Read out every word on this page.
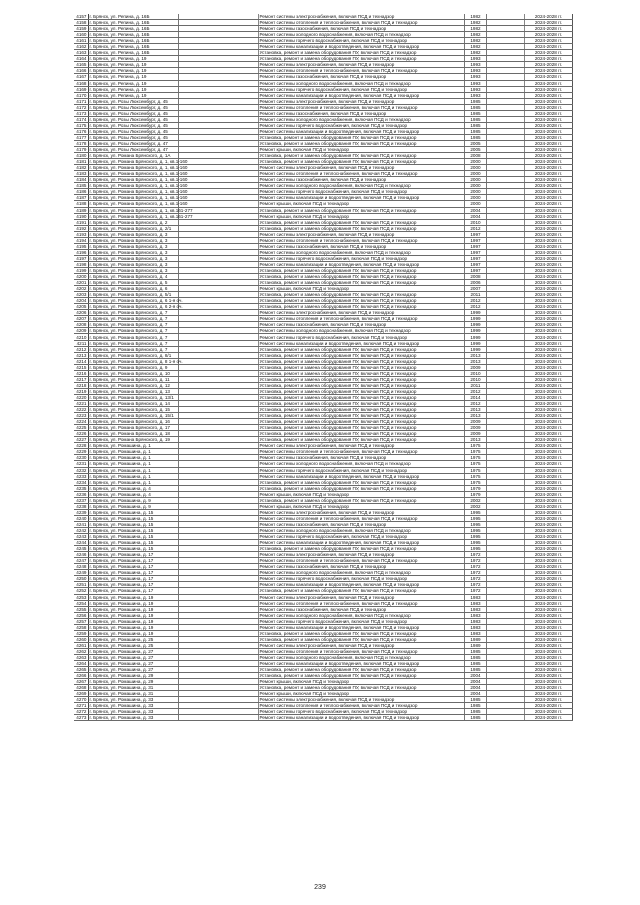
4157	г. Брянск, ул. Репина, д. 16Б		Ремонт системы электроснабжения, включая ПСД и технадзор	1982		2024-2028 гг.
4158	г. Брянск, ул. Репина, д. 16Б		Ремонт системы отопления и теплоснабжения, включая ПСД и технадзор	1982		2024-2028 гг.
4159	г. Брянск, ул. Репина, д. 16Б		Ремонт системы газоснабжения, включая ПСД и технадзор	1982		2024-2028 гг.
4160	г. Брянск, ул. Репина, д. 16Б		Ремонт системы холодного водоснабжения, включая ПСД и технадзор	1982		2024-2028 гг.
4161	г. Брянск, ул. Репина, д. 16Б		Ремонт системы горячего водоснабжения, включая ПСД и технадзор	1982		2024-2028 гг.
4162	г. Брянск, ул. Репина, д. 16Б		Ремонт системы канализации и водоотведения, включая ПСД и технадзор	1982		2024-2028 гг.
4163	г. Брянск, ул. Репина, д. 16Б		Установка, ремонт и замена оборудования ПУ, включая ПСД и технадзор	1982		2024-2028 гг.
4164	г. Брянск, ул. Репина, д. 19		Установка, ремонт и замена оборудования ПУ, включая ПСД и технадзор	1993		2024-2028 гг.
4165	г. Брянск, ул. Репина, д. 19		Ремонт системы электроснабжения, включая ПСД и технадзор	1993		2024-2028 гг.
4166	г. Брянск, ул. Репина, д. 19		Ремонт системы отопления и теплоснабжения, включая ПСД и технадзор	1993		2024-2028 гг.
4167	г. Брянск, ул. Репина, д. 19		Ремонт системы газоснабжения, включая ПСД и технадзор	1993		2024-2028 гг.
4168	г. Брянск, ул. Репина, д. 19		Ремонт системы холодного водоснабжения, включая ПСД и технадзор	1993		2024-2028 гг.
4169	г. Брянск, ул. Репина, д. 19		Ремонт системы горячего водоснабжения, включая ПСД и технадзор	1993		2024-2028 гг.
4170	г. Брянск, ул. Репина, д. 19		Ремонт системы канализации и водоотведения, включая ПСД и технадзор	1993		2024-2028 гг.
4171	г. Брянск, ул. Розы Люксембург, д. 45		Ремонт системы электроснабжения, включая ПСД и технадзор	1985		2024-2028 гг.
4172	г. Брянск, ул. Розы Люксембург, д. 45		Ремонт системы отопления и теплоснабжения, включая ПСД и технадзор	1985		2024-2028 гг.
4173	г. Брянск, ул. Розы Люксембург, д. 45		Ремонт системы газоснабжения, включая ПСД и технадзор	1985		2024-2028 гг.
4174	г. Брянск, ул. Розы Люксембург, д. 45		Ремонт системы холодного водоснабжения, включая ПСД и технадзор	1985		2024-2028 гг.
4175	г. Брянск, ул. Розы Люксембург, д. 45		Ремонт системы горячего водоснабжения, включая ПСД и технадзор	1985		2024-2028 гг.
4176	г. Брянск, ул. Розы Люксембург, д. 45		Ремонт системы канализации и водоотведения, включая ПСД и технадзор	1985		2024-2028 гг.
4177	г. Брянск, ул. Розы Люксембург, д. 45		Установка, ремонт и замена оборудования ПУ, включая ПСД и технадзор	1985		2024-2028 гг.
4178	г. Брянск, ул. Розы Люксембург, д. 47		Установка, ремонт и замена оборудования ПУ, включая ПСД и технадзор	2005		2024-2028 гг.
4179	г. Брянск, ул. Розы Люксембург, д. 47		Ремонт крыши, включая ПСД и технадзор	2005		2024-2028 гг.
4180	г. Брянск, ул. Романа Брянского, д. 1А		Установка, ремонт и замена оборудования ПУ, включая ПСД и технадзор	2008		2024-2028 гг.
4181	г. Брянск, ул. Романа Брянского, д. 1, кв.1-160		Установка, ремонт и замена оборудования ПУ, включая ПСД и технадзор	2000		2024-2028 гг.
4182	г. Брянск, ул. Романа Брянского, д. 1, кв.1-160		Ремонт системы электроснабжения, включая ПСД и технадзор	2000		2024-2028 гг.
4183	г. Брянск, ул. Романа Брянского, д. 1, кв.1-160		Ремонт системы отопления и теплоснабжения, включая ПСД и технадзор	2000		2024-2028 гг.
4184	г. Брянск, ул. Романа Брянского, д. 1, кв.1-160		Ремонт системы газоснабжения, включая ПСД и технадзор	2000		2024-2028 гг.
4185	г. Брянск, ул. Романа Брянского, д. 1, кв.1-160		Ремонт системы холодного водоснабжения, включая ПСД и технадзор	2000		2024-2028 гг.
4186	г. Брянск, ул. Романа Брянского, д. 1, кв.1-160		Ремонт системы горячего водоснабжения, включая ПСД и технадзор	2000		2024-2028 гг.
4187	г. Брянск, ул. Романа Брянского, д. 1, кв.1-160		Ремонт системы канализации и водоотведения, включая ПСД и технадзор	2000		2024-2028 гг.
4188	г. Брянск, ул. Романа Брянского, д. 1, кв.1-160		Ремонт крыши, включая ПСД и технадзор	2000		2024-2028 гг.
4189	г. Брянск, ул. Романа Брянского, д. 1, кв.161-277		Установка, ремонт и замена оборудования ПУ, включая ПСД и технадзор	2004		2024-2028 гг.
4190	г. Брянск, ул. Романа Брянского, д. 1, кв.161-277		Ремонт крыши, включая ПСД и технадзор	2004		2024-2028 гг.
4191	г. Брянск, ул. Романа Брянского, д. 2		Установка, ремонт и замена оборудования ПУ, включая ПСД и технадзор	2010		2024-2028 гг.
4192	г. Брянск, ул. Романа Брянского, д. 2/1		Установка, ремонт и замена оборудования ПУ, включая ПСД и технадзор	2012		2024-2028 гг.
4193	г. Брянск, ул. Романа Брянского, д. 3		Ремонт системы электроснабжения, включая ПСД и технадзор	1997		2024-2028 гг.
4194	г. Брянск, ул. Романа Брянского, д. 3		Ремонт системы отопления и теплоснабжения, включая ПСД и технадзор	1997		2024-2028 гг.
4195	г. Брянск, ул. Романа Брянского, д. 3		Ремонт системы газоснабжения, включая ПСД и технадзор	1997		2024-2028 гг.
4196	г. Брянск, ул. Романа Брянского, д. 3		Ремонт системы холодного водоснабжения, включая ПСД и технадзор	1997		2024-2028 гг.
4197	г. Брянск, ул. Романа Брянского, д. 3		Ремонт системы горячего водоснабжения, включая ПСД и технадзор	1997		2024-2028 гг.
4198	г. Брянск, ул. Романа Брянского, д. 3		Ремонт системы канализации и водоотведения, включая ПСД и технадзор	1997		2024-2028 гг.
4199	г. Брянск, ул. Романа Брянского, д. 3		Установка, ремонт и замена оборудования ПУ, включая ПСД и технадзор	1997		2024-2028 гг.
4200	г. Брянск, ул. Романа Брянского, д. 4		Установка, ремонт и замена оборудования ПУ, включая ПСД и технадзор	2008		2024-2028 гг.
4201	г. Брянск, ул. Романа Брянского, д. 5		Установка, ремонт и замена оборудования ПУ, включая ПСД и технадзор	2006		2024-2028 гг.
4202	г. Брянск, ул. Романа Брянского, д. 6		Ремонт крыши, включая ПСД и технадзор	2007		2024-2028 гг.
4203	г. Брянск, ул. Романа Брянского, д. 5/1		Установка, ремонт и замена оборудования ПУ, включая ПСД и технадзор	2011		2024-2028 гг.
4204	г. Брянск, ул. Романа Брянского, д. 6 1-я оч.		Установка, ремонт и замена оборудования ПУ, включая ПСД и технадзор	2012		2024-2028 гг.
4205	г. Брянск, ул. Романа Брянского, д. 6 2-я оч.		Установка, ремонт и замена оборудования ПУ, включая ПСД и технадзор	2012		2024-2028 гг.
4206	г. Брянск, ул. Романа Брянского, д. 7		Ремонт системы электроснабжения, включая ПСД и технадзор	1999		2024-2028 гг.
4207	г. Брянск, ул. Романа Брянского, д. 7		Ремонт системы отопления и теплоснабжения, включая ПСД и технадзор	1999		2024-2028 гг.
4208	г. Брянск, ул. Романа Брянского, д. 7		Ремонт системы газоснабжения, включая ПСД и технадзор	1999		2024-2028 гг.
4209	г. Брянск, ул. Романа Брянского, д. 7		Ремонт системы холодного водоснабжения, включая ПСД и технадзор	1999		2024-2028 гг.
4210	г. Брянск, ул. Романа Брянского, д. 7		Ремонт системы горячего водоснабжения, включая ПСД и технадзор	1999		2024-2028 гг.
4211	г. Брянск, ул. Романа Брянского, д. 7		Ремонт системы канализации и водоотведения, включая ПСД и технадзор	1999		2024-2028 гг.
4212	г. Брянск, ул. Романа Брянского, д. 7		Установка, ремонт и замена оборудования ПУ, включая ПСД и технадзор	1999		2024-2028 гг.
4213	г. Брянск, ул. Романа Брянского, д. 8/1		Установка, ремонт и замена оборудования ПУ, включая ПСД и технадзор	2013		2024-2028 гг.
4214	г. Брянск, ул. Романа Брянского, д. 8 1-я оч.		Установка, ремонт и замена оборудования ПУ, включая ПСД и технадзор	2013		2024-2028 гг.
4215	г. Брянск, ул. Романа Брянского, д. 9		Установка, ремонт и замена оборудования ПУ, включая ПСД и технадзор	2009		2024-2028 гг.
4216	г. Брянск, ул. Романа Брянского, д. 10		Установка, ремонт и замена оборудования ПУ, включая ПСД и технадзор	2010		2024-2028 гг.
4217	г. Брянск, ул. Романа Брянского, д. 11		Установка, ремонт и замена оборудования ПУ, включая ПСД и технадзор	2010		2024-2028 гг.
4218	г. Брянск, ул. Романа Брянского, д. 12		Установка, ремонт и замена оборудования ПУ, включая ПСД и технадзор	2011		2024-2028 гг.
4219	г. Брянск, ул. Романа Брянского, д. 13		Установка, ремонт и замена оборудования ПУ, включая ПСД и технадзор	2012		2024-2028 гг.
4220	г. Брянск, ул. Романа Брянского, д. 13/1		Установка, ремонт и замена оборудования ПУ, включая ПСД и технадзор	2014		2024-2028 гг.
4221	г. Брянск, ул. Романа Брянского, д. 14		Установка, ремонт и замена оборудования ПУ, включая ПСД и технадзор	2012		2024-2028 гг.
4222	г. Брянск, ул. Романа Брянского, д. 15		Установка, ремонт и замена оборудования ПУ, включая ПСД и технадзор	2013		2024-2028 гг.
4223	г. Брянск, ул. Романа Брянского, д. 15/1		Установка, ремонт и замена оборудования ПУ, включая ПСД и технадзор	2013		2024-2028 гг.
4224	г. Брянск, ул. Романа Брянского, д. 16		Установка, ремонт и замена оборудования ПУ, включая ПСД и технадзор	2009		2024-2028 гг.
4225	г. Брянск, ул. Романа Брянского, д. 17		Установка, ремонт и замена оборудования ПУ, включая ПСД и технадзор	2009		2024-2028 гг.
4226	г. Брянск, ул. Романа Брянского, д. 18		Установка, ремонт и замена оборудования ПУ, включая ПСД и технадзор	2009		2024-2028 гг.
4227	г. Брянск, ул. Романа Брянского, д. 19		Установка, ремонт и замена оборудования ПУ, включая ПСД и технадзор	2013		2024-2028 гг.
4228	г. Брянск, ул. Ромашина, д. 1		Ремонт системы электроснабжения, включая ПСД и технадзор	1975		2024-2028 гг.
4229	г. Брянск, ул. Ромашина, д. 1		Ремонт системы отопления и теплоснабжения, включая ПСД и технадзор	1975		2024-2028 гг.
4230	г. Брянск, ул. Ромашина, д. 1		Ремонт системы газоснабжения, включая ПСД и технадзор	1975		2024-2028 гг.
4231	г. Брянск, ул. Ромашина, д. 1		Ремонт системы холодного водоснабжения, включая ПСД и технадзор	1975		2024-2028 гг.
4232	г. Брянск, ул. Ромашина, д. 1		Ремонт системы горячего водоснабжения, включая ПСД и технадзор	1975		2024-2028 гг.
4233	г. Брянск, ул. Ромашина, д. 1		Ремонт системы канализации и водоотведения, включая ПСД и технадзор	1975		2024-2028 гг.
4234	г. Брянск, ул. Ромашина, д. 1		Установка, ремонт и замена оборудования ПУ, включая ПСД и технадзор	1975		2024-2028 гг.
4235	г. Брянск, ул. Ромашина, д. 4		Установка, ремонт и замена оборудования ПУ, включая ПСД и технадзор	1979		2024-2028 гг.
4236	г. Брянск, ул. Ромашина, д. 4		Ремонт крыши, включая ПСД и технадзор	1979		2024-2028 гг.
4237	г. Брянск, ул. Ромашина, д. 9		Установка, ремонт и замена оборудования ПУ, включая ПСД и технадзор	2002		2024-2028 гг.
4238	г. Брянск, ул. Ромашина, д. 9		Ремонт крыши, включая ПСД и технадзор	2002		2024-2028 гг.
4239	г. Брянск, ул. Ромашина, д. 15		Ремонт системы электроснабжения, включая ПСД и технадзор	1995		2024-2028 гг.
4240	г. Брянск, ул. Ромашина, д. 15		Ремонт системы отопления и теплоснабжения, включая ПСД и технадзор	1995		2024-2028 гг.
4241	г. Брянск, ул. Ромашина, д. 15		Ремонт системы газоснабжения, включая ПСД и технадзор	1995		2024-2028 гг.
4242	г. Брянск, ул. Ромашина, д. 15		Ремонт системы холодного водоснабжения, включая ПСД и технадзор	1995		2024-2028 гг.
4243	г. Брянск, ул. Ромашина, д. 15		Ремонт системы горячего водоснабжения, включая ПСД и технадзор	1995		2024-2028 гг.
4244	г. Брянск, ул. Ромашина, д. 15		Ремонт системы канализации и водоотведения, включая ПСД и технадзор	1995		2024-2028 гг.
4245	г. Брянск, ул. Ромашина, д. 15		Установка, ремонт и замена оборудования ПУ, включая ПСД и технадзор	1995		2024-2028 гг.
4246	г. Брянск, ул. Ромашина, д. 17		Ремонт системы электроснабжения, включая ПСД и технадзор	1972		2024-2028 гг.
4247	г. Брянск, ул. Ромашина, д. 17		Ремонт системы отопления и теплоснабжения, включая ПСД и технадзор	1972		2024-2028 гг.
4248	г. Брянск, ул. Ромашина, д. 17		Ремонт системы газоснабжения, включая ПСД и технадзор	1972		2024-2028 гг.
4249	г. Брянск, ул. Ромашина, д. 17		Ремонт системы холодного водоснабжения, включая ПСД и технадзор	1972		2024-2028 гг.
4250	г. Брянск, ул. Ромашина, д. 17		Ремонт системы горячего водоснабжения, включая ПСД и технадзор	1972		2024-2028 гг.
4251	г. Брянск, ул. Ромашина, д. 17		Ремонт системы канализации и водоотведения, включая ПСД и технадзор	1972		2024-2028 гг.
4252	г. Брянск, ул. Ромашина, д. 17		Установка, ремонт и замена оборудования ПУ, включая ПСД и технадзор	1972		2024-2028 гг.
4253	г. Брянск, ул. Ромашина, д. 19		Ремонт системы электроснабжения, включая ПСД и технадзор	1983		2024-2028 гг.
4254	г. Брянск, ул. Ромашина, д. 19		Ремонт системы отопления и теплоснабжения, включая ПСД и технадзор	1983		2024-2028 гг.
4255	г. Брянск, ул. Ромашина, д. 19		Ремонт системы газоснабжения, включая ПСД и технадзор	1983		2024-2028 гг.
4256	г. Брянск, ул. Ромашина, д. 19		Ремонт системы холодного водоснабжения, включая ПСД и технадзор	1983		2024-2028 гг.
4257	г. Брянск, ул. Ромашина, д. 19		Ремонт системы горячего водоснабжения, включая ПСД и технадзор	1983		2024-2028 гг.
4258	г. Брянск, ул. Ромашина, д. 19		Ремонт системы канализации и водоотведения, включая ПСД и технадзор	1983		2024-2028 гг.
4259	г. Брянск, ул. Ромашина, д. 19		Установка, ремонт и замена оборудования ПУ, включая ПСД и технадзор	1983		2024-2028 гг.
4260	г. Брянск, ул. Ромашина, д. 25		Установка, ремонт и замена оборудования ПУ, включая ПСД и технадзор	1989		2024-2028 гг.
4261	г. Брянск, ул. Ромашина, д. 25		Ремонт системы электроснабжения, включая ПСД и технадзор	1989		2024-2028 гг.
4262	г. Брянск, ул. Ромашина, д. 27		Ремонт системы отопления и теплоснабжения, включая ПСД и технадзор	1985		2024-2028 гг.
4263	г. Брянск, ул. Ромашина, д. 27		Ремонт системы холодного водоснабжения, включая ПСД и технадзор	1985		2024-2028 гг.
4264	г. Брянск, ул. Ромашина, д. 27		Ремонт системы канализации и водоотведения, включая ПСД и технадзор	1985		2024-2028 гг.
4265	г. Брянск, ул. Ромашина, д. 27		Установка, ремонт и замена оборудования ПУ, включая ПСД и технадзор	1985		2024-2028 гг.
4266	г. Брянск, ул. Ромашина, д. 29		Установка, ремонт и замена оборудования ПУ, включая ПСД и технадзор	2004		2024-2028 гг.
4267	г. Брянск, ул. Ромашина, д. 29		Ремонт крыши, включая ПСД и технадзор	2004		2024-2028 гг.
4268	г. Брянск, ул. Ромашина, д. 31		Установка, ремонт и замена оборудования ПУ, включая ПСД и технадзор	2004		2024-2028 гг.
4269	г. Брянск, ул. Ромашина, д. 31		Ремонт крыши, включая ПСД и технадзор	2004		2024-2028 гг.
4270	г. Брянск, ул. Ромашина, д. 33		Ремонт системы электроснабжения, включая ПСД и технадзор	1985		2024-2028 гг.
4271	г. Брянск, ул. Ромашина, д. 33		Ремонт системы отопления и теплоснабжения, включая ПСД и технадзор	1985		2024-2028 гг.
4272	г. Брянск, ул. Ромашина, д. 33		Ремонт системы горячего водоснабжения, включая ПСД и технадзор	1985		2024-2028 гг.
4273	г. Брянск, ул. Ромашина, д. 33		Ремонт системы канализации и водоотведения, включая ПСД и технадзор	1985		2024-2028 гг.
239
